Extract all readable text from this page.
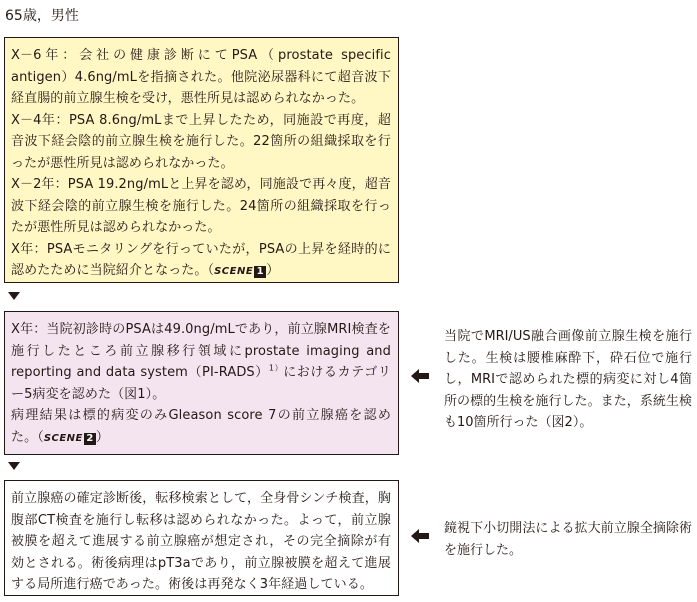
65歳，男性

X－6年：会社の健康診断にてPSA（prostate specific antigen）4.6ng/mLを指摘された。他院泌尿器科にて超音波下経直腸的前立腺生検を受け，悪性所見は認められなかった。

X－4年：PSA 8.6ng/mLまで上昇したため，同施設で再度，超音波下経会陰的前立腺生検を施行した。22箇所の組織採取を行ったが悪性所見は認められなかった。

X－2年：PSA 19.2ng/mLと上昇を認め，同施設で再々度，超音波下経会陰的前立腺生検を施行した。24箇所の組織採取を行ったが悪性所見は認められなかった。

X年：PSAモニタリングを行っていたが，PSAの上昇を経時的に認めたために当院紹介となった。（SCENE 1 ）

X年：当院初診時のPSAは49.0ng/mLであり，前立腺MRI検査を施行したところ前立腺移行領域にprostate imaging and reporting and data system（PI-RADS）$^{1)}$におけるカテゴリー5病変を認めた（図1）。

病理結果は標的病変のみGleason score 7の前立腺癌を認めた。（SCENE 2 ）

前立腺癌の確定診断後，転移検索として，全身骨シンチ検査，胸腹部CT検査を施行し転移は認められなかった。よって，前立腺被膜を超えて進展する前立腺癌が想定され，その完全摘除が有効とされる。術後病理はpT3aであり，前立腺被膜を超えて進展する局所進行癌であった。術後は再発なく3年経過している。

当院でMRI/US融合画像前立腺生検を施行した。生検は腰椎麻酔下，砕石位で施行し，MRIで認められた標的病変に対し4箇所の標的生検を施行した。また，系統生検も10箇所行った（図2）。
鏡視下小切開法による拡大前立腺全摘除術を施行した。
